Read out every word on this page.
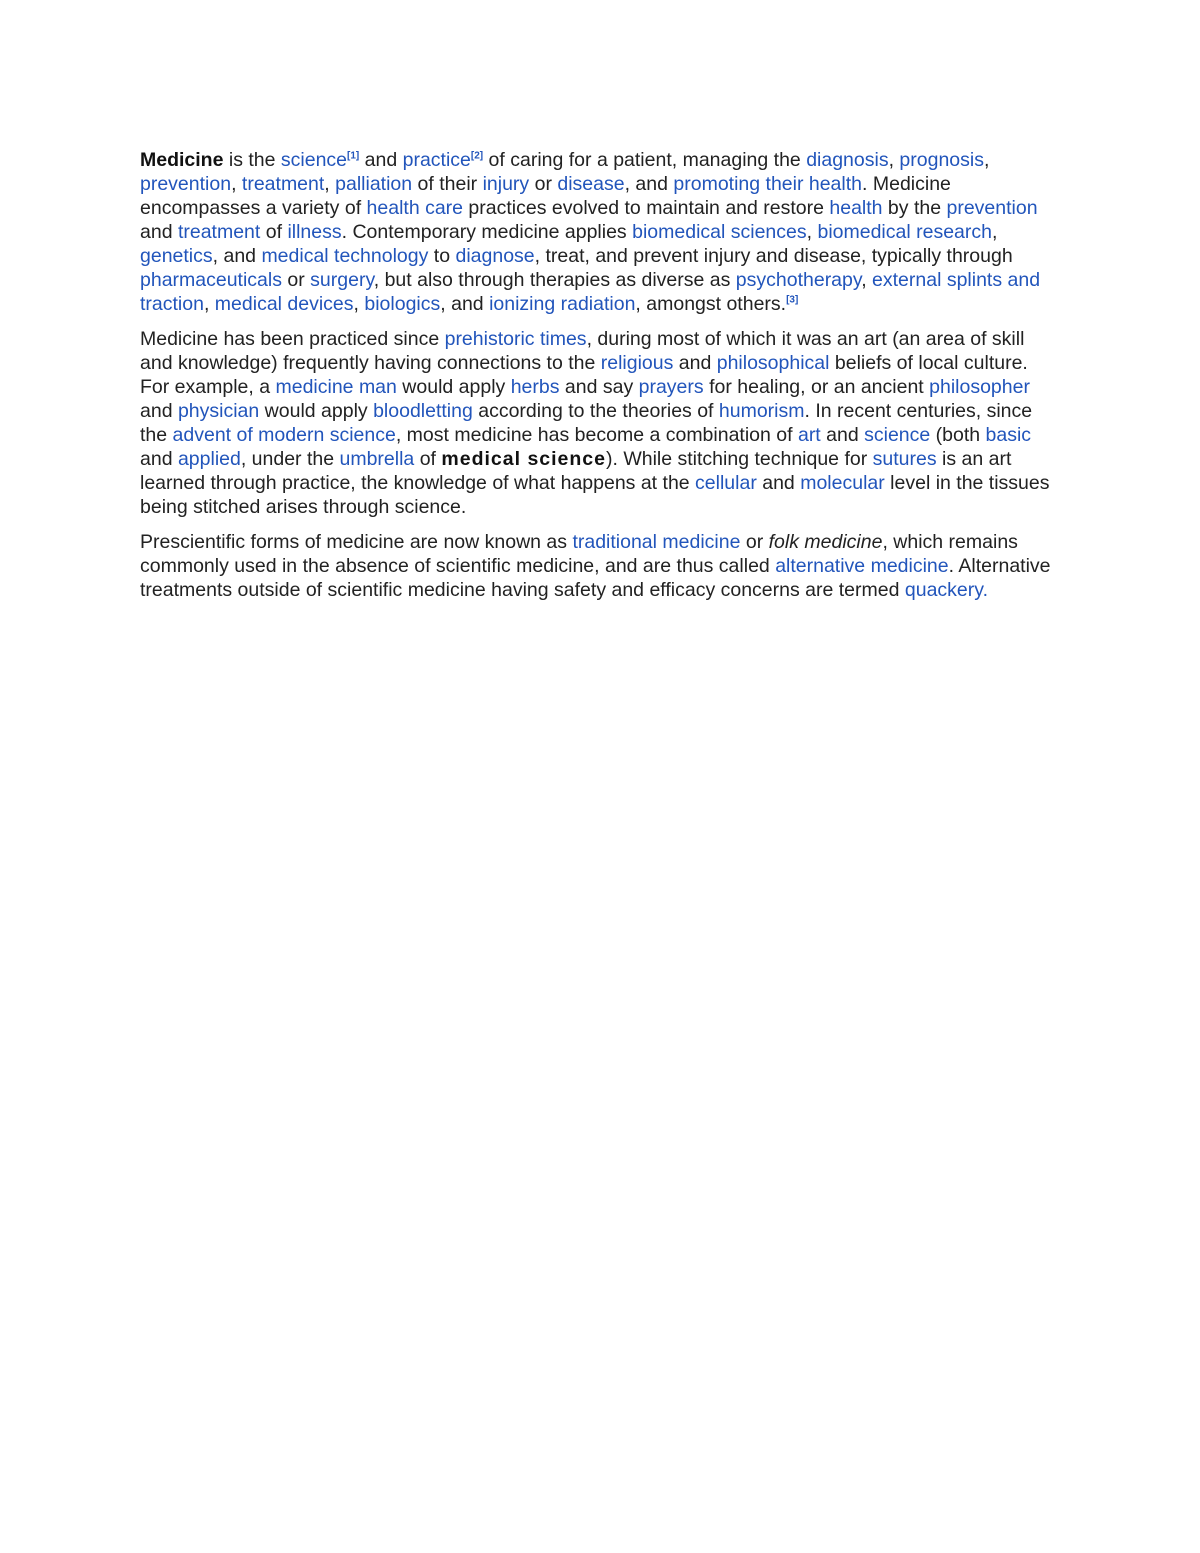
Medicine is the science[1] and practice[2] of caring for a patient, managing the diagnosis, prognosis, prevention, treatment, palliation of their injury or disease, and promoting their health. Medicine encompasses a variety of health care practices evolved to maintain and restore health by the prevention and treatment of illness. Contemporary medicine applies biomedical sciences, biomedical research, genetics, and medical technology to diagnose, treat, and prevent injury and disease, typically through pharmaceuticals or surgery, but also through therapies as diverse as psychotherapy, external splints and traction, medical devices, biologics, and ionizing radiation, amongst others.[3]

Medicine has been practiced since prehistoric times, during most of which it was an art (an area of skill and knowledge) frequently having connections to the religious and philosophical beliefs of local culture. For example, a medicine man would apply herbs and say prayers for healing, or an ancient philosopher and physician would apply bloodletting according to the theories of humorism. In recent centuries, since the advent of modern science, most medicine has become a combination of art and science (both basic and applied, under the umbrella of medical science). While stitching technique for sutures is an art learned through practice, the knowledge of what happens at the cellular and molecular level in the tissues being stitched arises through science.

Prescientific forms of medicine are now known as traditional medicine or folk medicine, which remains commonly used in the absence of scientific medicine, and are thus called alternative medicine. Alternative treatments outside of scientific medicine having safety and efficacy concerns are termed quackery.
